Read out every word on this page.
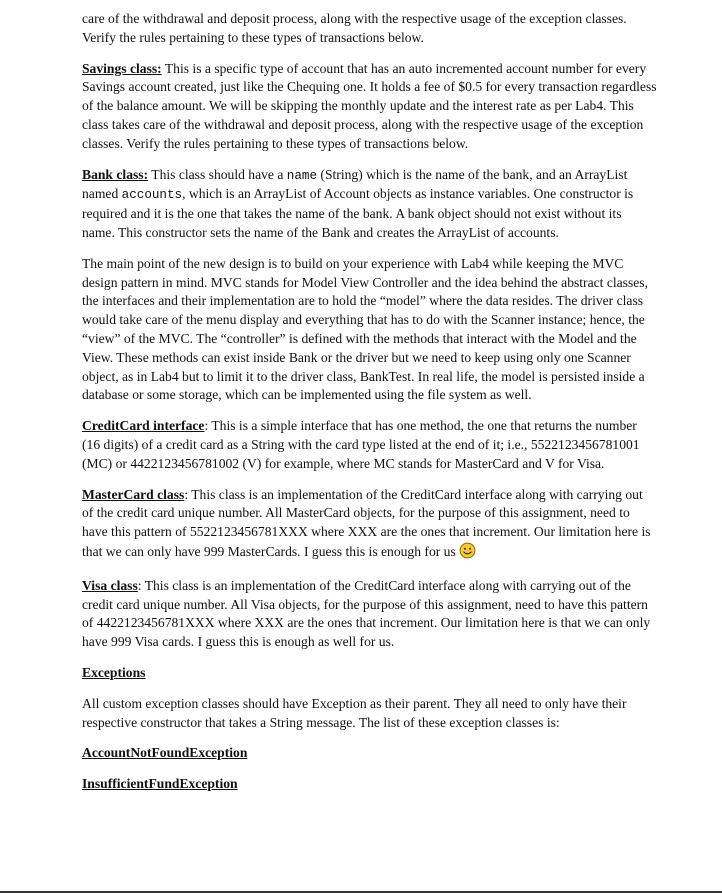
care of the withdrawal and deposit process, along with the respective usage of the exception classes. Verify the rules pertaining to these types of transactions below.

Savings class: This is a specific type of account that has an auto incremented account number for every Savings account created, just like the Chequing one. It holds a fee of $0.5 for every transaction regardless of the balance amount. We will be skipping the monthly update and the interest rate as per Lab4. This class takes care of the withdrawal and deposit process, along with the respective usage of the exception classes. Verify the rules pertaining to these types of transactions below.

Bank class: This class should have a name (String) which is the name of the bank, and an ArrayList named accounts, which is an ArrayList of Account objects as instance variables. One constructor is required and it is the one that takes the name of the bank. A bank object should not exist without its name. This constructor sets the name of the Bank and creates the ArrayList of accounts.

The main point of the new design is to build on your experience with Lab4 while keeping the MVC design pattern in mind. MVC stands for Model View Controller and the idea behind the abstract classes, the interfaces and their implementation are to hold the “model” where the data resides. The driver class would take care of the menu display and everything that has to do with the Scanner instance; hence, the “view” of the MVC. The “controller” is defined with the methods that interact with the Model and the View. These methods can exist inside Bank or the driver but we need to keep using only one Scanner object, as in Lab4 but to limit it to the driver class, BankTest. In real life, the model is persisted inside a database or some storage, which can be implemented using the file system as well.

CreditCard interface: This is a simple interface that has one method, the one that returns the number (16 digits) of a credit card as a String with the card type listed at the end of it; i.e., 5522123456781001 (MC) or 4422123456781002 (V) for example, where MC stands for MasterCard and V for Visa.

MasterCard class: This class is an implementation of the CreditCard interface along with carrying out of the credit card unique number. All MasterCard objects, for the purpose of this assignment, need to have this pattern of 5522123456781XXX where XXX are the ones that increment. Our limitation here is that we can only have 999 MasterCards. I guess this is enough for us

Visa class: This class is an implementation of the CreditCard interface along with carrying out of the credit card unique number. All Visa objects, for the purpose of this assignment, need to have this pattern of 4422123456781XXX where XXX are the ones that increment. Our limitation here is that we can only have 999 Visa cards. I guess this is enough as well for us.

Exceptions

All custom exception classes should have Exception as their parent. They all need to only have their respective constructor that takes a String message. The list of these exception classes is:

AccountNotFoundException

InsufficientFundException
